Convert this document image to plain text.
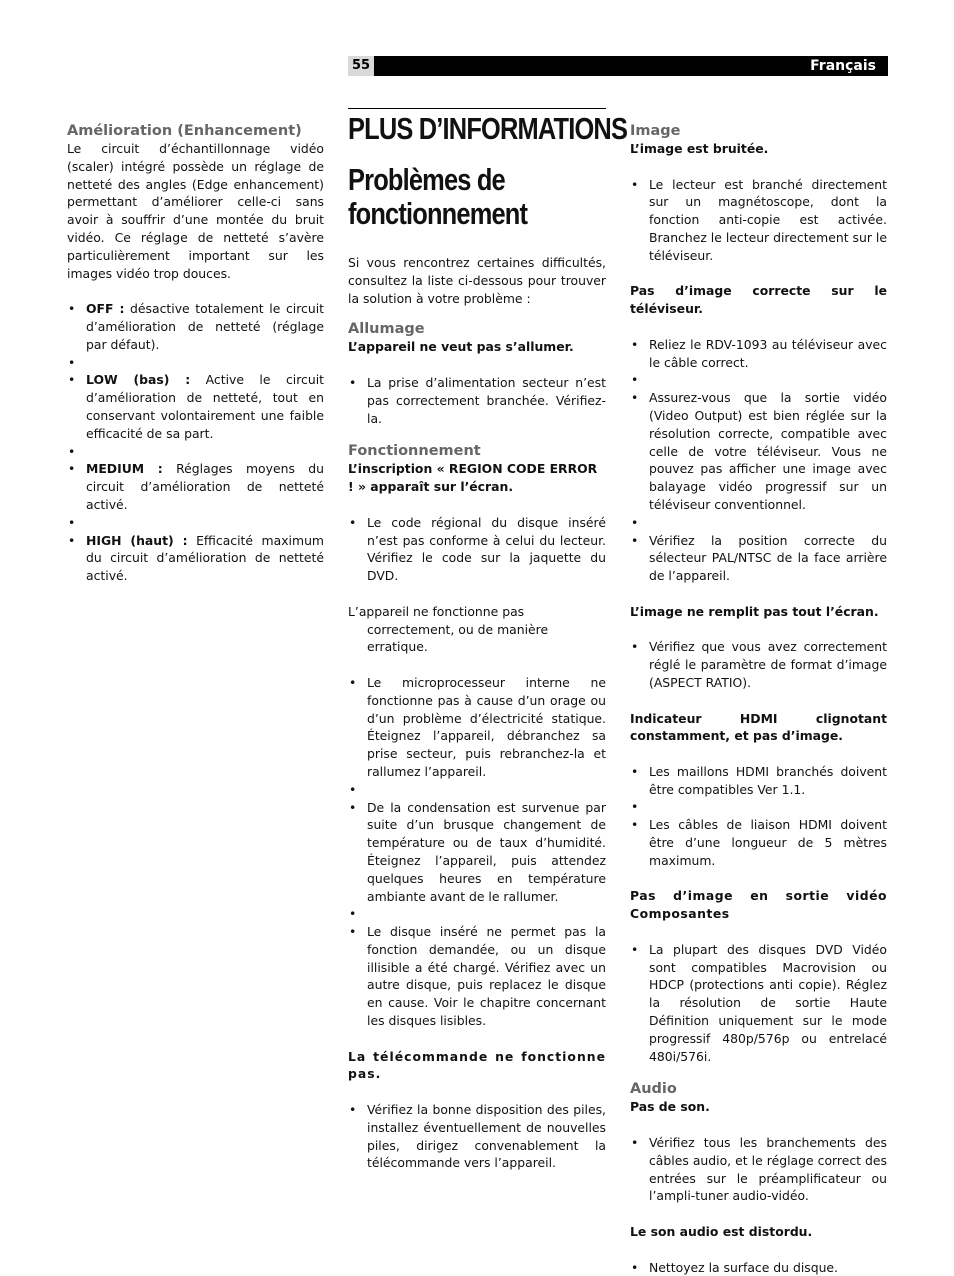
55	Français
Amélioration (Enhancement)

Le circuit d’échantillonnage vidéo (scaler) intégré possède un réglage de netteté des angles (Edge enhancement) permettant d’améliorer celle-ci sans avoir à souffrir d’une montée du bruit vidéo. Ce réglage de netteté s’avère particulièrement important sur les images vidéo trop douces.

• OFF : désactive totalement le circuit d’amélioration de netteté (réglage par défaut).
•
• LOW (bas) : Active le circuit d’amélioration de netteté, tout en conservant volontairement une faible efficacité de sa part.
•
• MEDIUM : Réglages moyens du circuit d’amélioration de netteté activé.
•
• HIGH (haut) : Efficacité maximum du circuit d’amélioration de netteté activé.
PLUS D’INFORMATIONS
Problèmes de
fonctionnement

Si vous rencontrez certaines difficultés, consultez la liste ci-dessous pour trouver la solution à votre problème :

Allumage

L’appareil ne veut pas s’allumer.

• La prise d’alimentation secteur n’est pas correctement branchée. Vérifiez-la.
Fonctionnement

L’inscription « REGION CODE ERROR ! » apparaît sur l’écran.

• Le code régional du disque inséré n’est pas conforme à celui du lecteur. Vérifiez le code sur la jaquette du DVD.

L’appareil ne fonctionne pas correctement, ou de manière erratique.

• Le microprocesseur interne ne fonctionne pas à cause d’un orage ou d’un problème d’électricité statique. Éteignez l’appareil, débranchez sa prise secteur, puis rebranchez-la et rallumez l’appareil.
•
• De la condensation est survenue par suite d’un brusque changement de température ou de taux d’humidité. Éteignez l’appareil, puis attendez quelques heures en température ambiante avant de le rallumer.
•
• Le disque inséré ne permet pas la fonction demandée, ou un disque illisible a été chargé. Vérifiez avec un autre disque, puis replacez le disque en cause. Voir le chapitre concernant les disques lisibles.

La télécommande ne fonctionne pas.

• Vérifiez la bonne disposition des piles, installez éventuellement de nouvelles piles, dirigez convenablement la télécommande vers l’appareil.
Image

L’image est bruitée.

• Le lecteur est branché directement sur un magnétoscope, dont la fonction anti-copie est activée. Branchez le lecteur directement sur le téléviseur.

Pas d’image correcte sur le téléviseur.

• Reliez le RDV-1093 au téléviseur avec le câble correct.
•
• Assurez-vous que la sortie vidéo (Video Output) est bien réglée sur la résolution correcte, compatible avec celle de votre téléviseur. Vous ne pouvez pas afficher une image avec balayage vidéo progressif sur un téléviseur conventionnel.
•
• Vérifiez la position correcte du sélecteur PAL/NTSC de la face arrière de l’appareil.

L’image ne remplit pas tout l’écran.

• Vérifiez que vous avez correctement réglé le paramètre de format d’image (ASPECT RATIO).

Indicateur HDMI clignotant constamment, et pas d’image.

• Les maillons HDMI branchés doivent être compatibles Ver 1.1.
•
• Les câbles de liaison HDMI doivent être d’une longueur de 5 mètres maximum.

Pas d’image en sortie vidéo Composantes

• La plupart des disques DVD Vidéo sont compatibles Macrovision ou HDCP (protections anti copie). Réglez la résolution de sortie Haute Définition uniquement sur le mode progressif 480p/576p ou entrelacé 480i/576i.
Audio

Pas de son.

• Vérifiez tous les branchements des câbles audio, et le réglage correct des entrées sur le préamplificateur ou l’ampli-tuner audio-vidéo.

Le son audio est distordu.

• Nettoyez la surface du disque.
